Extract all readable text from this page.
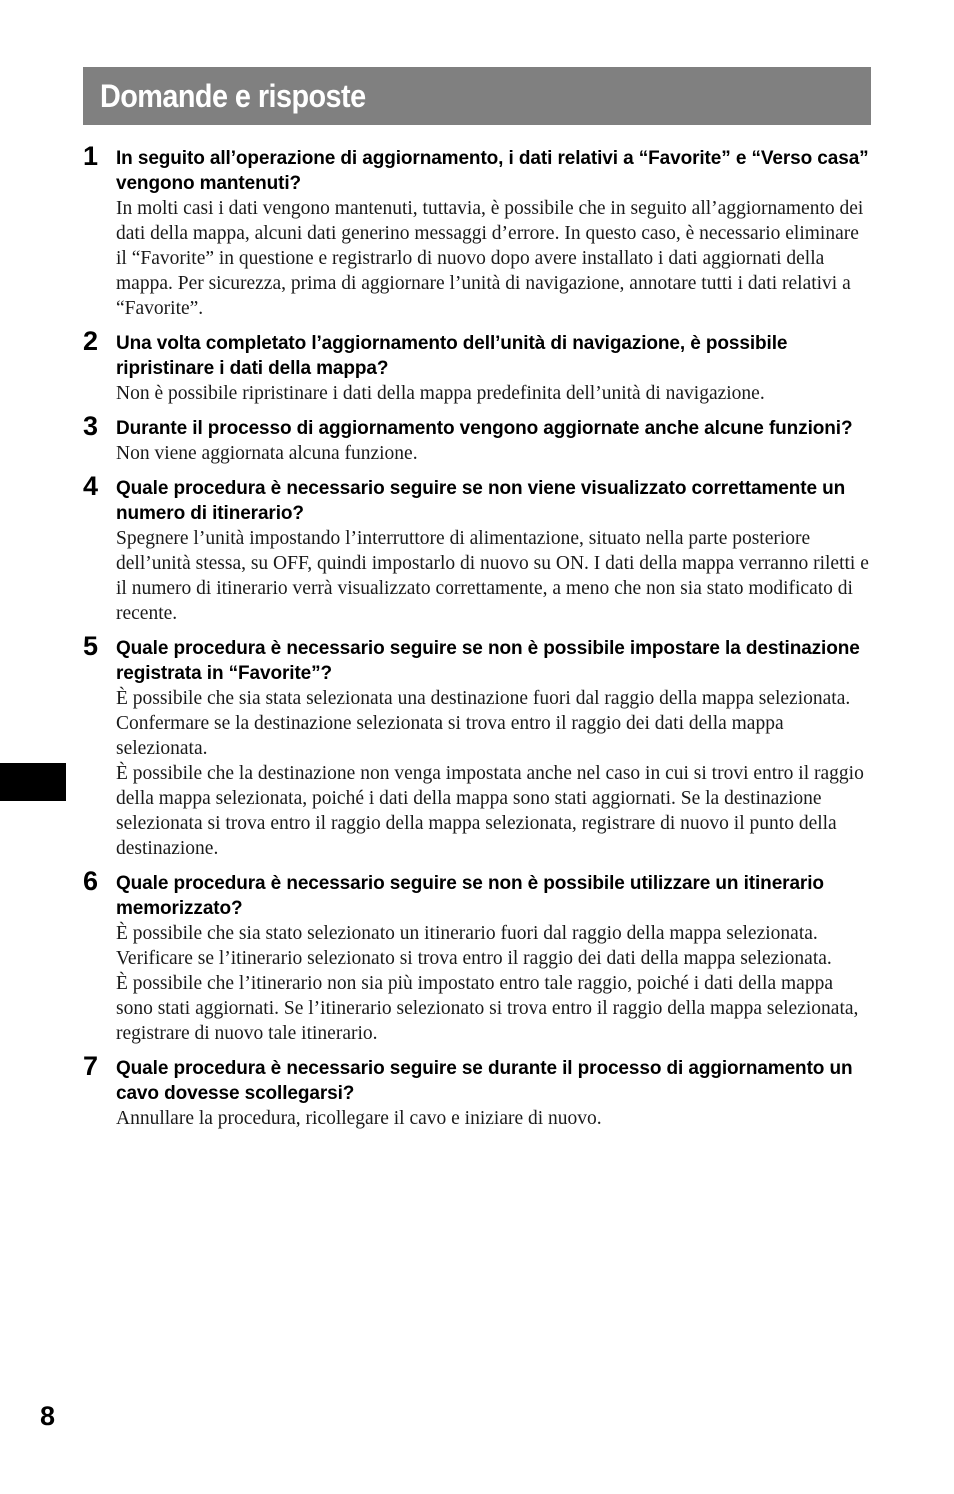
Domande e risposte
1 In seguito all’operazione di aggiornamento, i dati relativi a “Favorite” e “Verso casa” vengono mantenuti?

In molti casi i dati vengono mantenuti, tuttavia, è possibile che in seguito all’aggiornamento dei dati della mappa, alcuni dati generino messaggi d’errore. In questo caso, è necessario eliminare il “Favorite” in questione e registrarlo di nuovo dopo avere installato i dati aggiornati della mappa. Per sicurezza, prima di aggiornare l’unità di navigazione, annotare tutti i dati relativi a “Favorite”.

2 Una volta completato l’aggiornamento dell’unità di navigazione, è possibile ripristinare i dati della mappa?

Non è possibile ripristinare i dati della mappa predefinita dell’unità di navigazione.

3 Durante il processo di aggiornamento vengono aggiornate anche alcune funzioni?

Non viene aggiornata alcuna funzione.

4 Quale procedura è necessario seguire se non viene visualizzato correttamente un numero di itinerario?

Spegnere l’unità impostando l’interruttore di alimentazione, situato nella parte posteriore dell’unità stessa, su OFF, quindi impostarlo di nuovo su ON. I dati della mappa verranno riletti e il numero di itinerario verrà visualizzato correttamente, a meno che non sia stato modificato di recente.

5 Quale procedura è necessario seguire se non è possibile impostare la destinazione registrata in “Favorite”?

È possibile che sia stata selezionata una destinazione fuori dal raggio della mappa selezionata. Confermare se la destinazione selezionata si trova entro il raggio dei dati della mappa selezionata.
È possibile che la destinazione non venga impostata anche nel caso in cui si trovi entro il raggio della mappa selezionata, poiché i dati della mappa sono stati aggiornati. Se la destinazione selezionata si trova entro il raggio della mappa selezionata, registrare di nuovo il punto della destinazione.

6 Quale procedura è necessario seguire se non è possibile utilizzare un itinerario memorizzato?

È possibile che sia stato selezionato un itinerario fuori dal raggio della mappa selezionata. Verificare se l’itinerario selezionato si trova entro il raggio dei dati della mappa selezionata.
È possibile che l’itinerario non sia più impostato entro tale raggio, poiché i dati della mappa sono stati aggiornati. Se l’itinerario selezionato si trova entro il raggio della mappa selezionata, registrare di nuovo tale itinerario.

7 Quale procedura è necessario seguire se durante il processo di aggiornamento un cavo dovesse scollegarsi?

Annullare la procedura, ricollegare il cavo e iniziare di nuovo.

8
